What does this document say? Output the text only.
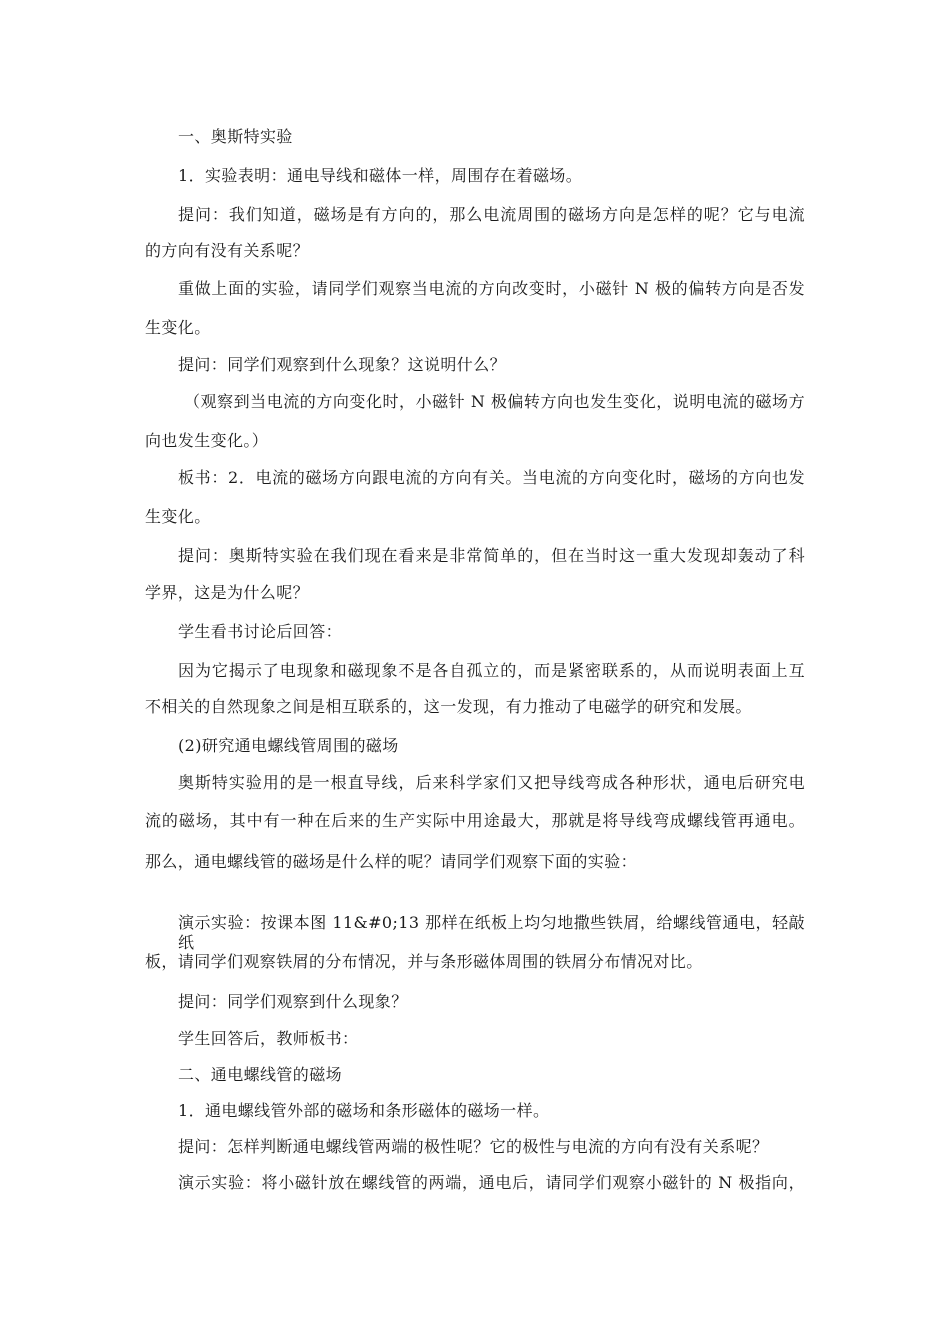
一、奥斯特实验
1．实验表明：通电导线和磁体一样，周围存在着磁场。
提问：我们知道，磁场是有方向的，那么电流周围的磁场方向是怎样的呢？它与电流
的方向有没有关系呢？
重做上面的实验，请同学们观察当电流的方向改变时，小磁针 N 极的偏转方向是否发
生变化。
提问：同学们观察到什么现象？这说明什么？
（观察到当电流的方向变化时，小磁针 N 极偏转方向也发生变化，说明电流的磁场方
向也发生变化。）
板书：2．电流的磁场方向跟电流的方向有关。当电流的方向变化时，磁场的方向也发
生变化。
提问：奥斯特实验在我们现在看来是非常简单的，但在当时这一重大发现却轰动了科
学界，这是为什么呢？
学生看书讨论后回答：
因为它揭示了电现象和磁现象不是各自孤立的，而是紧密联系的，从而说明表面上互
不相关的自然现象之间是相互联系的，这一发现，有力推动了电磁学的研究和发展。
(2)研究通电螺线管周围的磁场
奥斯特实验用的是一根直导线，后来科学家们又把导线弯成各种形状，通电后研究电
流的磁场，其中有一种在后来的生产实际中用途最大，那就是将导线弯成螺线管再通电。
那么，通电螺线管的磁场是什么样的呢？请同学们观察下面的实验：
演示实验：按课本图 11&#0;13 那样在纸板上均匀地撒些铁屑，给螺线管通电，轻敲纸
板，请同学们观察铁屑的分布情况，并与条形磁体周围的铁屑分布情况对比。
提问：同学们观察到什么现象？
学生回答后，教师板书：
二、通电螺线管的磁场
1．通电螺线管外部的磁场和条形磁体的磁场一样。
提问：怎样判断通电螺线管两端的极性呢？它的极性与电流的方向有没有关系呢？
演示实验：将小磁针放在螺线管的两端，通电后，请同学们观察小磁针的 N 极指向，
